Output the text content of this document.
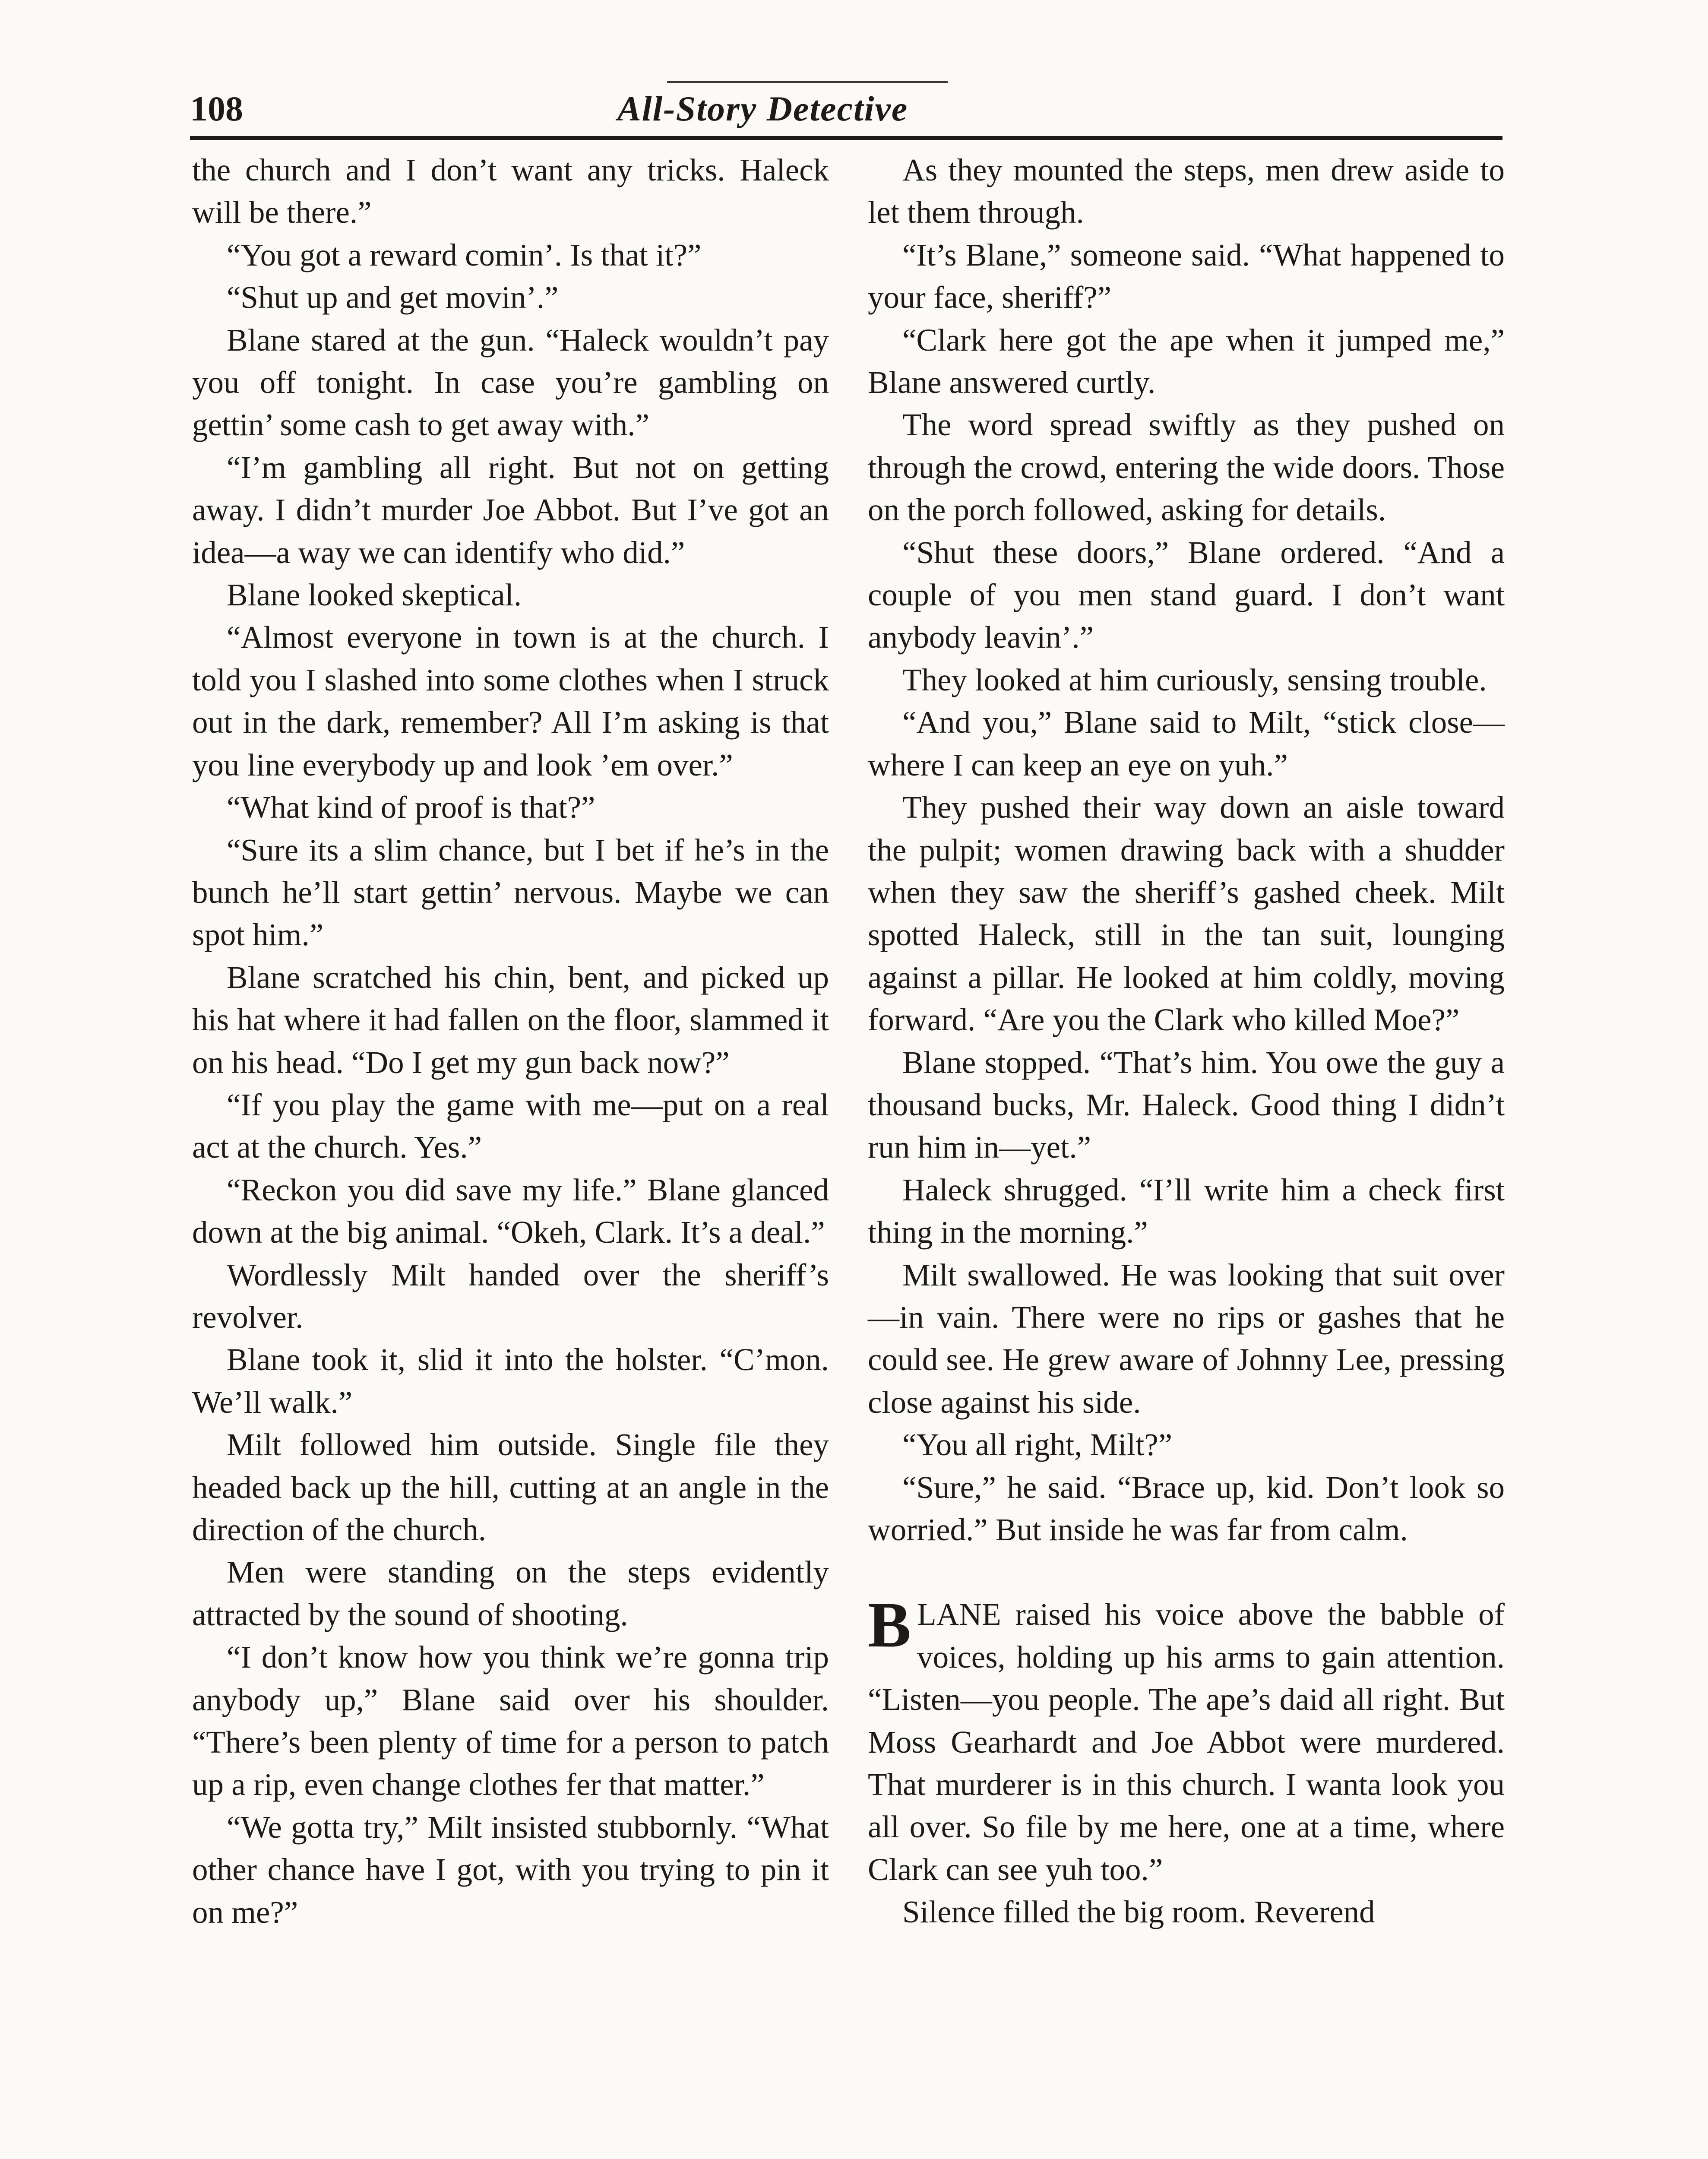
108	All-Story Detective

the church and I don’t want any tricks. Haleck will be there.”

“You got a reward comin’. Is that it?”

“Shut up and get movin’.”

Blane stared at the gun. “Haleck wouldn’t pay you off tonight. In case you’re gambling on gettin’ some cash to get away with.”

“I’m gambling all right. But not on getting away. I didn’t murder Joe Abbot. But I’ve got an idea—a way we can identify who did.”

Blane looked skeptical.

“Almost everyone in town is at the church. I told you I slashed into some clothes when I struck out in the dark, remember? All I’m asking is that you line everybody up and look ’em over.”

“What kind of proof is that?”

“Sure its a slim chance, but I bet if he’s in the bunch he’ll start gettin’ nervous. Maybe we can spot him.”

Blane scratched his chin, bent, and picked up his hat where it had fallen on the floor, slammed it on his head. “Do I get my gun back now?”

“If you play the game with me—put on a real act at the church. Yes.”

“Reckon you did save my life.” Blane glanced down at the big animal. “Okeh, Clark. It’s a deal.”

Wordlessly Milt handed over the sheriff’s revolver.

Blane took it, slid it into the holster. “C’mon. We’ll walk.”

Milt followed him outside. Single file they headed back up the hill, cutting at an angle in the direction of the church.

Men were standing on the steps evidently attracted by the sound of shooting.

“I don’t know how you think we’re gonna trip anybody up,” Blane said over his shoulder. “There’s been plenty of time for a person to patch up a rip, even change clothes fer that matter.”

“We gotta try,” Milt insisted stubbornly. “What other chance have I got, with you trying to pin it on me?”

As they mounted the steps, men drew aside to let them through.

“It’s Blane,” someone said. “What happened to your face, sheriff?”

“Clark here got the ape when it jumped me,” Blane answered curtly.

The word spread swiftly as they pushed on through the crowd, entering the wide doors. Those on the porch followed, asking for details.

“Shut these doors,” Blane ordered. “And a couple of you men stand guard. I don’t want anybody leavin’.”

They looked at him curiously, sensing trouble.

“And you,” Blane said to Milt, “stick close—where I can keep an eye on yuh.”

They pushed their way down an aisle toward the pulpit; women drawing back with a shudder when they saw the sheriff’s gashed cheek. Milt spotted Haleck, still in the tan suit, lounging against a pillar. He looked at him coldly, moving forward. “Are you the Clark who killed Moe?”

Blane stopped. “That’s him. You owe the guy a thousand bucks, Mr. Haleck. Good thing I didn’t run him in—yet.”

Haleck shrugged. “I’ll write him a check first thing in the morning.”

Milt swallowed. He was looking that suit over—in vain. There were no rips or gashes that he could see. He grew aware of Johnny Lee, pressing close against his side.

“You all right, Milt?”

“Sure,” he said. “Brace up, kid. Don’t look so worried.” But inside he was far from calm.

BLANE raised his voice above the babble of voices, holding up his arms to gain attention. “Listen—you people. The ape’s daid all right. But Moss Gearhardt and Joe Abbot were murdered. That murderer is in this church. I wanta look you all over. So file by me here, one at a time, where Clark can see yuh too.”

Silence filled the big room. Reverend
